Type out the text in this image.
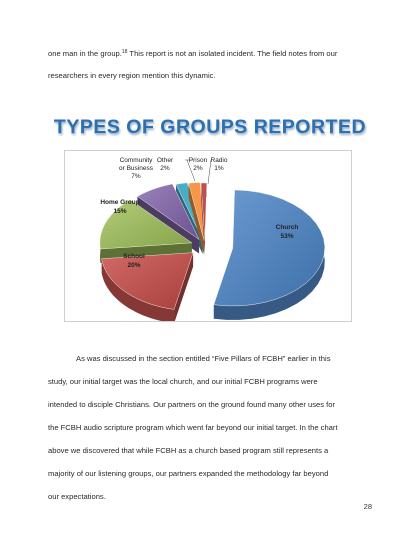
one man in the group.$^{18}$ This report is not an isolated incident. The field notes from our
researchers in every region mention this dynamic.
TYPES OF GROUPS REPORTED
Church
53%
School
20%
Home Group
15%
Community
or Business
7%
Other
2%
Prison
2%
Radio
1%
As was discussed in the section entitled “Five Pillars of FCBH” earlier in this
study, our initial target was the local church, and our initial FCBH programs were
intended to disciple Christians. Our partners on the ground found many other uses for
the FCBH audio scripture program which went far beyond our initial target. In the chart
above we discovered that while FCBH as a church based program still represents a
majority of our listening groups, our partners expanded the methodology far beyond
our expectations.
28
